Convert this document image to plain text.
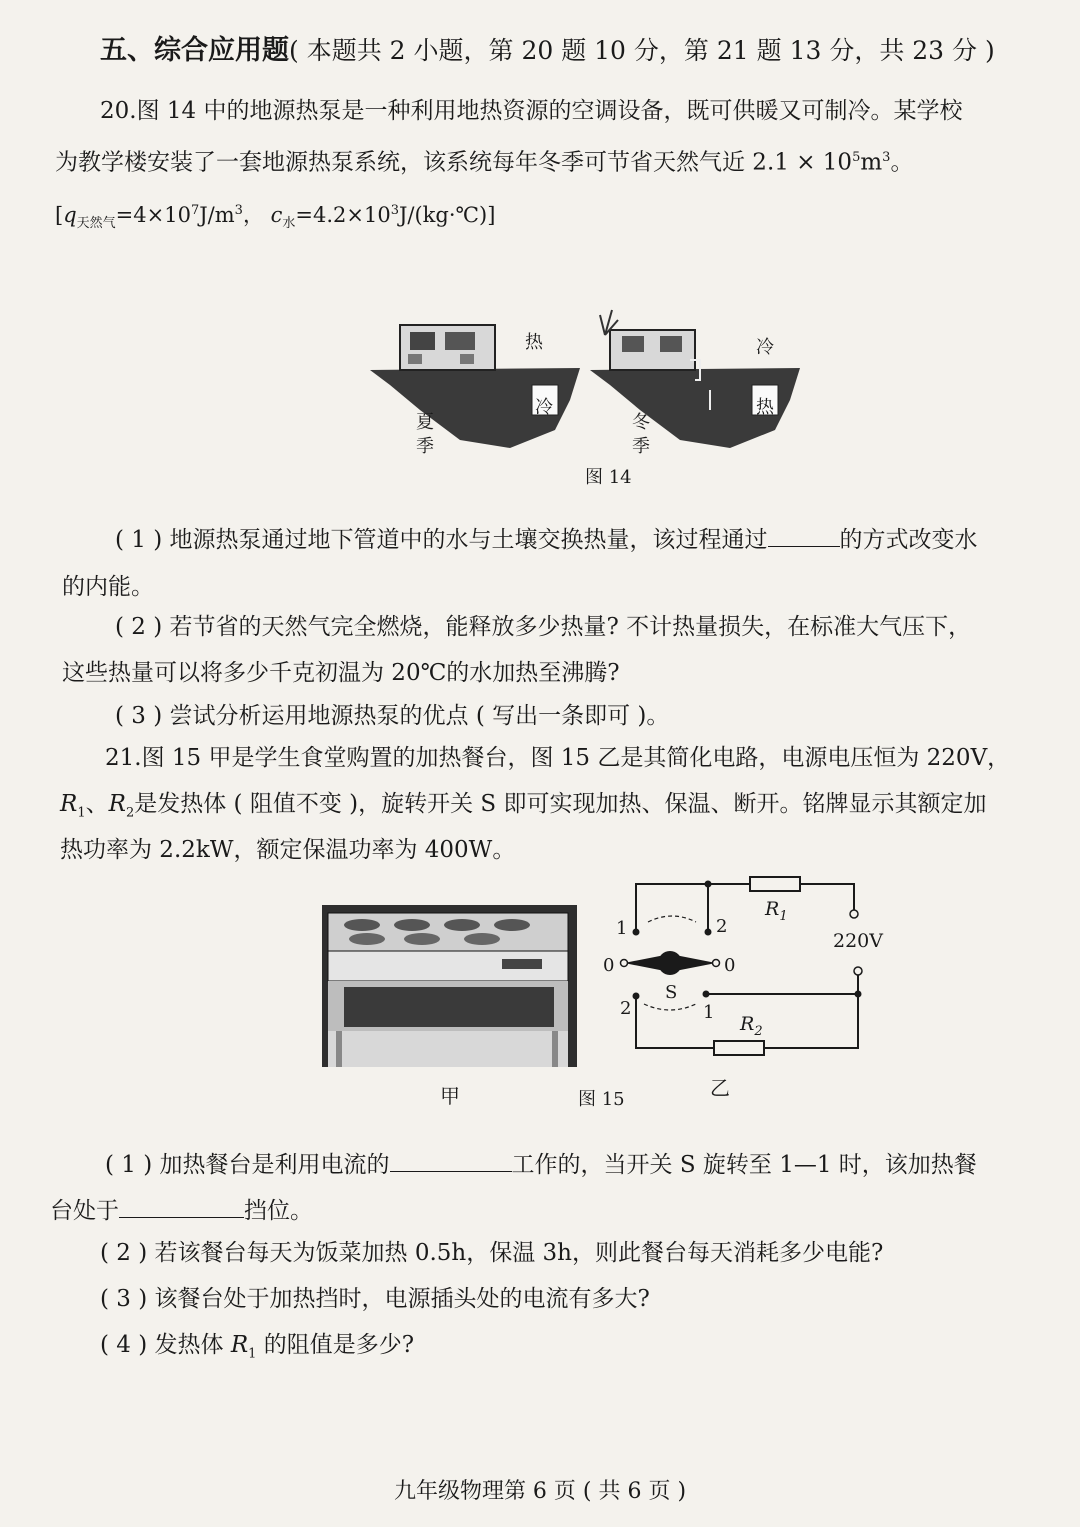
五、综合应用题( 本题共 2 小题，第 20 题 10 分，第 21 题 13 分，共 23 分 )
20.图 14 中的地源热泵是一种利用地热资源的空调设备，既可供暖又可制冷。某学校
为教学楼安装了一套地源热泵系统，该系统每年冬季可节省天然气近 $2.1 \times 10^5m^3$。
[$q_{天然气}=4\times 10^7J/m^3$， $c_水=4.2\times 10^3J/(kg\cdot℃)$]
热
冷
冷
热
夏
季
冬
季
图 14
( 1 ) 地源热泵通过地下管道中的水与土壤交换热量，该过程通过	的方式改变水
的内能。
( 2 ) 若节省的天然气完全燃烧，能释放多少热量? 不计热量损失，在标准大气压下，
这些热量可以将多少千克初温为 20℃的水加热至沸腾?
( 3 ) 尝试分析运用地源热泵的优点 ( 写出一条即可 )。
21.图 15 甲是学生食堂购置的加热餐台，图 15 乙是其简化电路，电源电压恒为 220V，
$R_1$、$R_2$是发热体 ( 阻值不变 )，旋转开关 S 即可实现加热、保温、断开。铭牌显示其额定加
热功率为 2.2kW，额定保温功率为 400W。
甲
$R_1$
$R_2$
220V
S
1	2
0	0
2	1
图 15	乙
( 1 ) 加热餐台是利用电流的	工作的，当开关 S 旋转至 1—1 时，该加热餐
台处于	挡位。
( 2 ) 若该餐台每天为饭菜加热 0.5h，保温 3h，则此餐台每天消耗多少电能?
( 3 ) 该餐台处于加热挡时，电源插头处的电流有多大?
( 4 ) 发热体 $R_1$ 的阻值是多少?
九年级物理第 6 页 ( 共 6 页 )
